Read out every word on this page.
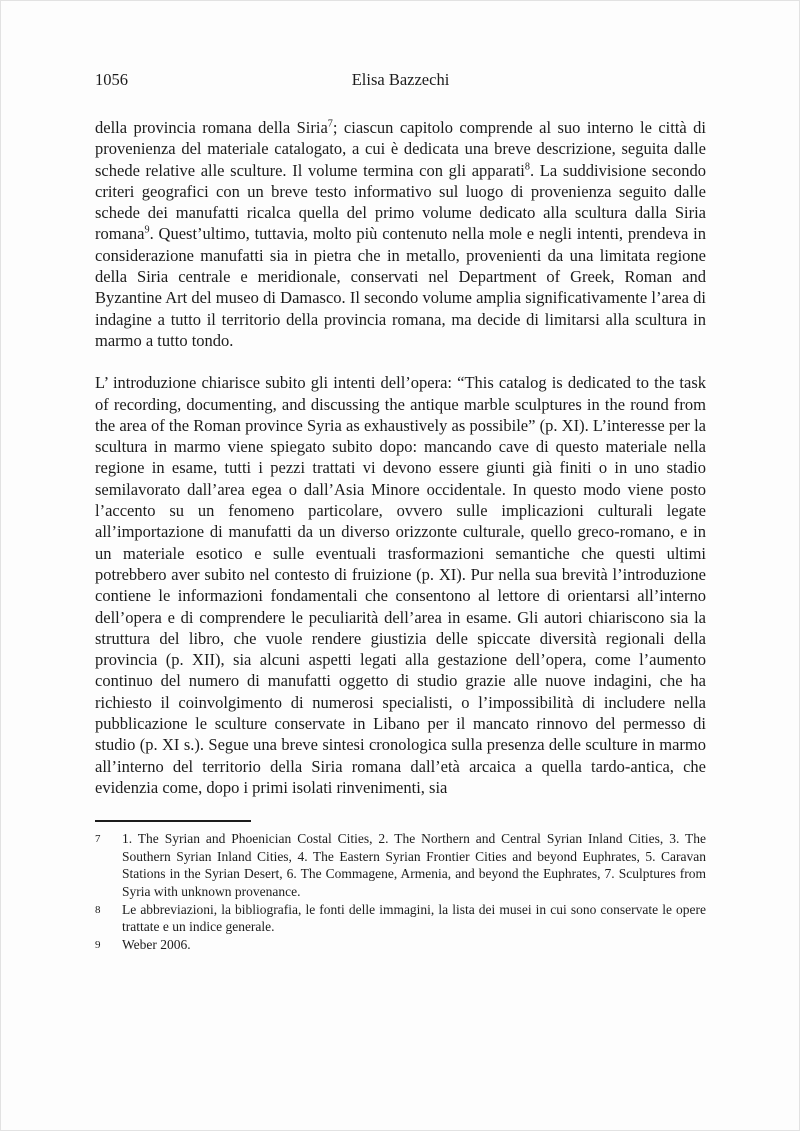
1056	Elisa Bazzechi

della provincia romana della Siria$^7$; ciascun capitolo comprende al suo interno le città di provenienza del materiale catalogato, a cui è dedicata una breve descrizione, seguita dalle schede relative alle sculture. Il volume termina con gli apparati$^8$. La suddivisione secondo criteri geografici con un breve testo informativo sul luogo di provenienza seguito dalle schede dei manufatti ricalca quella del primo volume dedicato alla scultura dalla Siria romana$^9$. Quest’ultimo, tuttavia, molto più contenuto nella mole e negli intenti, prendeva in considerazione manufatti sia in pietra che in metallo, provenienti da una limitata regione della Siria centrale e meridionale, conservati nel Department of Greek, Roman and Byzantine Art del museo di Damasco. Il secondo volume amplia significativamente l’area di indagine a tutto il territorio della provincia romana, ma decide di limitarsi alla scultura in marmo a tutto tondo.

L’ introduzione chiarisce subito gli intenti dell’opera: “This catalog is dedicated to the task of recording, documenting, and discussing the antique marble sculptures in the round from the area of the Roman province Syria as exhaustively as possibile” (p. XI). L’interesse per la scultura in marmo viene spiegato subito dopo: mancando cave di questo materiale nella regione in esame, tutti i pezzi trattati vi devono essere giunti già finiti o in uno stadio semilavorato dall’area egea o dall’Asia Minore occidentale. In questo modo viene posto l’accento su un fenomeno particolare, ovvero sulle implicazioni culturali legate all’importazione di manufatti da un diverso orizzonte culturale, quello greco-romano, e in un materiale esotico e sulle eventuali trasformazioni semantiche che questi ultimi potrebbero aver subito nel contesto di fruizione (p. XI). Pur nella sua brevità l’introduzione contiene le informazioni fondamentali che consentono al lettore di orientarsi all’interno dell’opera e di comprendere le peculiarità dell’area in esame. Gli autori chiariscono sia la struttura del libro, che vuole rendere giustizia delle spiccate diversità regionali della provincia (p. XII), sia alcuni aspetti legati alla gestazione dell’opera, come l’aumento continuo del numero di manufatti oggetto di studio grazie alle nuove indagini, che ha richiesto il coinvolgimento di numerosi specialisti, o l’impossibilità di includere nella pubblicazione le sculture conservate in Libano per il mancato rinnovo del permesso di studio (p. XI s.). Segue una breve sintesi cronologica sulla presenza delle sculture in marmo all’interno del territorio della Siria romana dall’età arcaica a quella tardo-antica, che evidenzia come, dopo i primi isolati rinvenimenti, sia

7	1. The Syrian and Phoenician Costal Cities, 2. The Northern and Central Syrian Inland Cities, 3. The Southern Syrian Inland Cities, 4. The Eastern Syrian Frontier Cities and beyond Euphrates, 5. Caravan Stations in the Syrian Desert, 6. The Commagene, Armenia, and beyond the Euphrates, 7. Sculptures from Syria with unknown provenance.
8	Le abbreviazioni, la bibliografia, le fonti delle immagini, la lista dei musei in cui sono conservate le opere trattate e un indice generale.
9	Weber 2006.
